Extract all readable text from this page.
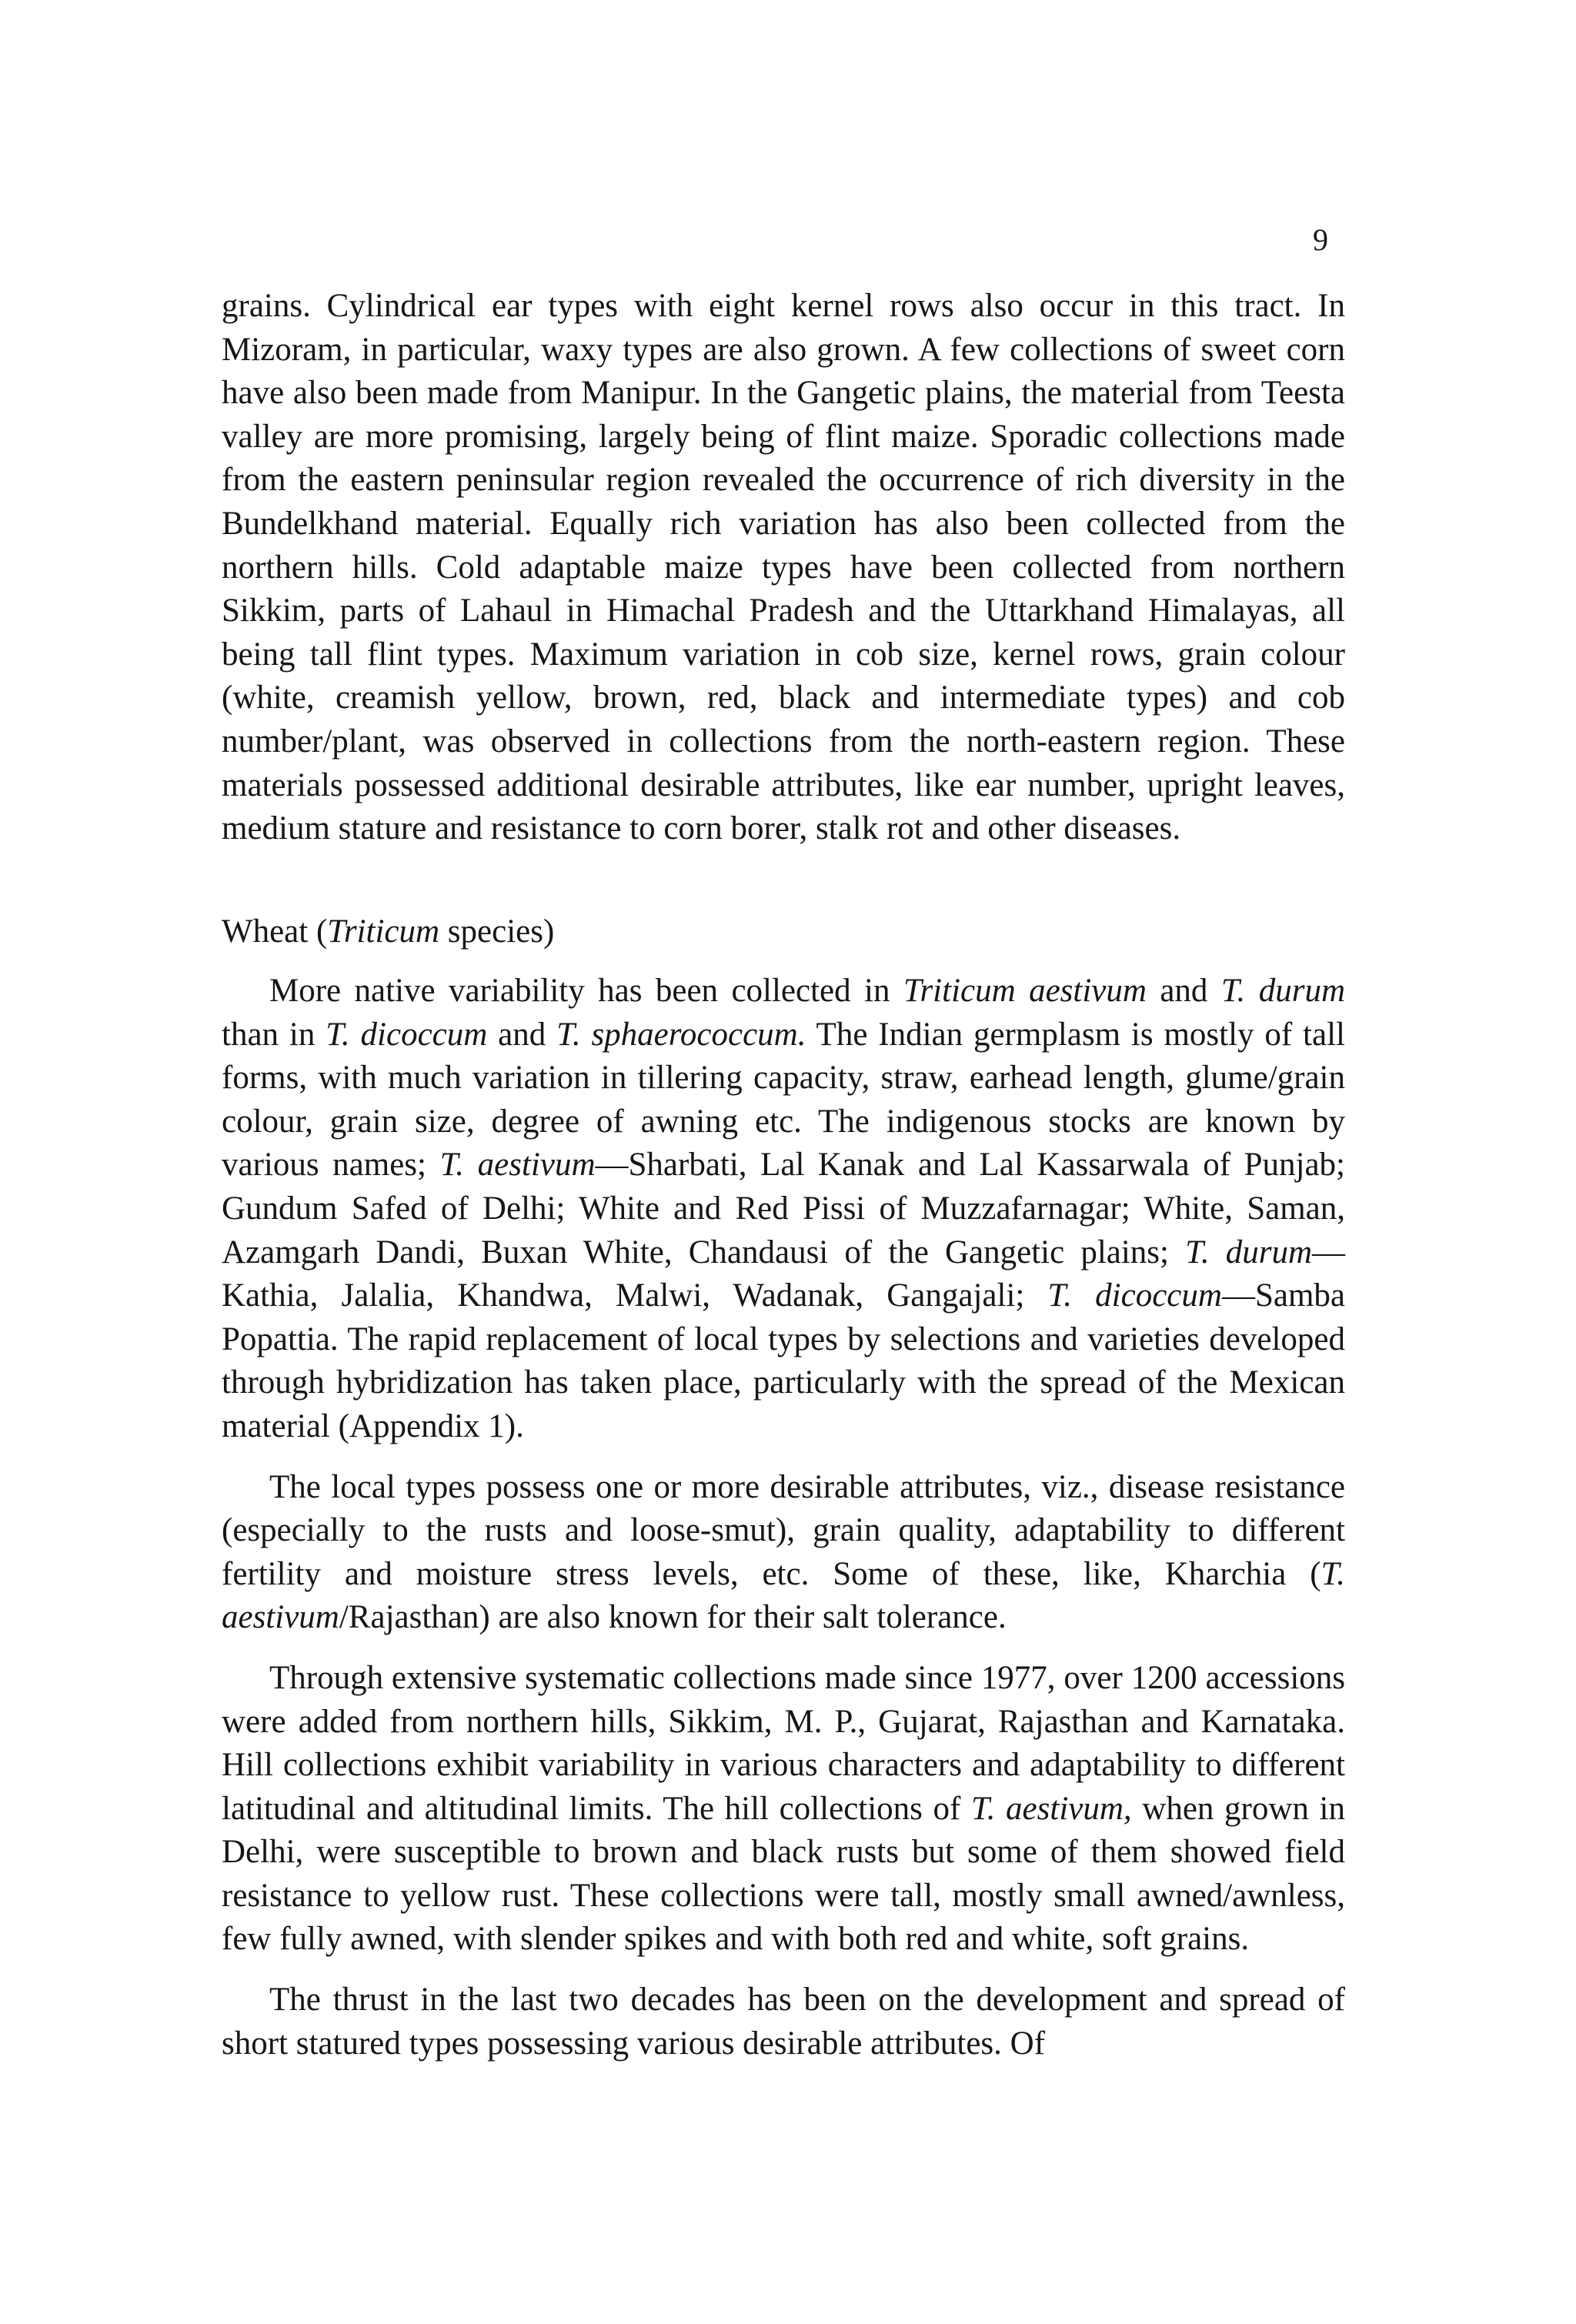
9

grains. Cylindrical ear types with eight kernel rows also occur in this tract. In Mizoram, in particular, waxy types are also grown. A few collections of sweet corn have also been made from Manipur. In the Gangetic plains, the material from Teesta valley are more promising, largely being of flint maize. Sporadic collections made from the eastern peninsular region revealed the occurrence of rich diversity in the Bundelkhand material. Equally rich variation has also been collected from the northern hills. Cold adaptable maize types have been collected from northern Sikkim, parts of Lahaul in Himachal Pradesh and the Uttarkhand Himalayas, all being tall flint types. Maximum variation in cob size, kernel rows, grain colour (white, creamish yellow, brown, red, black and intermediate types) and cob number/plant, was observed in collections from the north-eastern region. These materials possessed additional desirable attributes, like ear number, upright leaves, medium stature and resistance to corn borer, stalk rot and other diseases.

Wheat (Triticum species)

More native variability has been collected in Triticum aestivum and T. durum than in T. dicoccum and T. sphaerococcum. The Indian germplasm is mostly of tall forms, with much variation in tillering capacity, straw, earhead length, glume/grain colour, grain size, degree of awning etc. The indigenous stocks are known by various names; T. aestivum—Sharbati, Lal Kanak and Lal Kassarwala of Punjab; Gundum Safed of Delhi; White and Red Pissi of Muzzafarnagar; White, Saman, Azamgarh Dandi, Buxan White, Chandausi of the Gangetic plains; T. durum—Kathia, Jalalia, Khandwa, Malwi, Wadanak, Gangajali; T. dicoccum—Samba Popattia. The rapid replacement of local types by selections and varieties developed through hybridization has taken place, particularly with the spread of the Mexican material (Appendix 1).

The local types possess one or more desirable attributes, viz., disease resistance (especially to the rusts and loose-smut), grain quality, adaptability to different fertility and moisture stress levels, etc. Some of these, like, Kharchia (T. aestivum/Rajasthan) are also known for their salt tolerance.

Through extensive systematic collections made since 1977, over 1200 accessions were added from northern hills, Sikkim, M. P., Gujarat, Rajasthan and Karnataka. Hill collections exhibit variability in various characters and adaptability to different latitudinal and altitudinal limits. The hill collections of T. aestivum, when grown in Delhi, were susceptible to brown and black rusts but some of them showed field resistance to yellow rust. These collections were tall, mostly small awned/awnless, few fully awned, with slender spikes and with both red and white, soft grains.

The thrust in the last two decades has been on the development and spread of short statured types possessing various desirable attributes. Of
